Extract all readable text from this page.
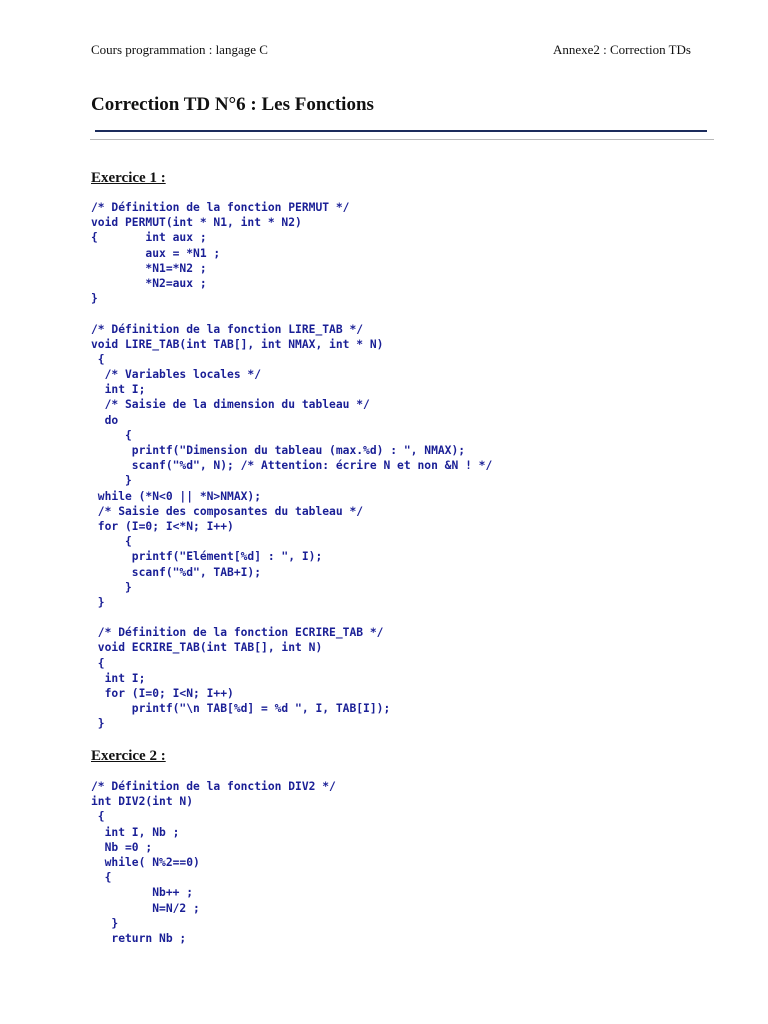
Cours programmation : langage C	Annexe2 : Correction TDs
Correction TD N°6 : Les Fonctions
Exercice 1 :
/* Définition de la fonction PERMUT */
void PERMUT(int * N1, int * N2)
{       int aux ;
aux = *N1 ;
*N1=*N2 ;
*N2=aux ;
}
/* Définition de la fonction LIRE_TAB */
void LIRE_TAB(int TAB[], int NMAX, int * N)
{
/* Variables locales */
int I;
/* Saisie de la dimension du tableau */
do
{
printf("Dimension du tableau (max.%d) : ", NMAX);
scanf("%d", N); /* Attention: écrire N et non &N ! */
}
while (*N<0 || *N>NMAX);
/* Saisie des composantes du tableau */
for (I=0; I<*N; I++)
{
printf("Elément[%d] : ", I);
scanf("%d", TAB+I);
}
}
/* Définition de la fonction ECRIRE_TAB */
void ECRIRE_TAB(int TAB[], int N)
{
int I;
for (I=0; I<N; I++)
printf("\n TAB[%d] = %d ", I, TAB[I]);
}
Exercice 2 :
/* Définition de la fonction DIV2 */
int DIV2(int N)
{
int I, Nb ;
Nb =0 ;
while( N%2==0)
{
Nb++ ;
N=N/2 ;
}
return Nb ;
